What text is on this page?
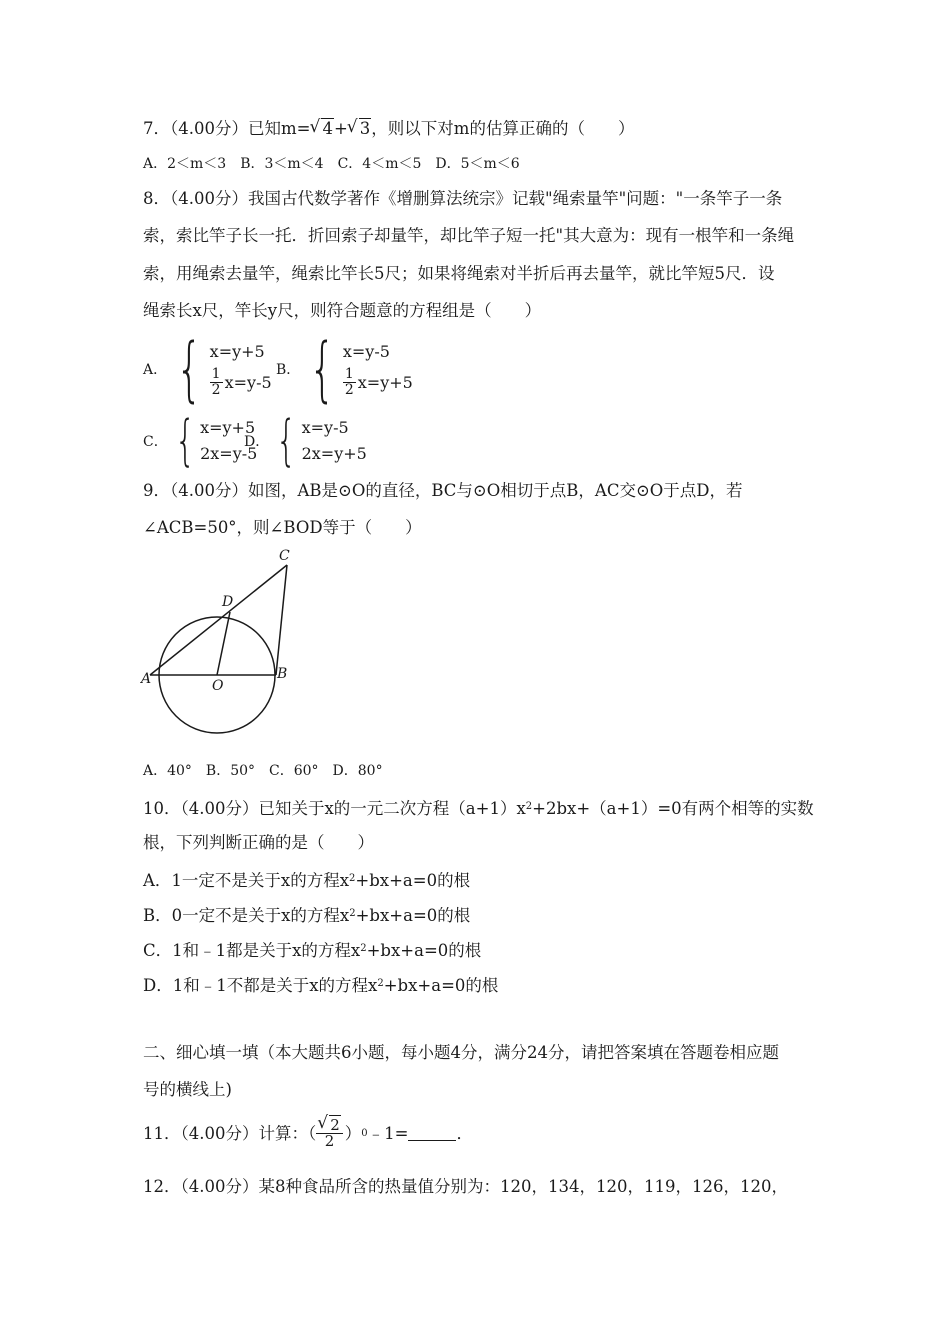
7．（4.00分）已知m= √ 4+ √ 3，则以下对m的估算正确的（　　）
A．2＜m＜3　B．3＜m＜4　C．4＜m＜5　D．5＜m＜6
8．（4.00分）我国古代数学著作《增删算法统宗》记载"绳索量竿"问题："一条竿子一条
索，索比竿子长一托．折回索子却量竿，却比竿子短一托"其大意为：现有一根竿和一条绳
索，用绳索去量竿，绳索比竿长5尺；如果将绳索对半折后再去量竿，就比竿短5尺．设
绳索长x尺，竿长y尺，则符合题意的方程组是（　　）
A． { x=y+5
$\frac{1}{2} x=y-5$
B． { x=y-5
$\frac{1}{2} x=y+5$
C． { x=y+5
2x=y-5
D． { x=y-5
2x=y+5
9．（4.00分）如图，AB是⊙O的直径，BC与⊙O相切于点B，AC交⊙O于点D，若
∠ACB=50°，则∠BOD等于（　　）
C
D
A	O
B
A．40°　B．50°　C．60°　D．80°
10．（4.00分）已知关于x的一元二次方程$(a+1)x^2+2bx+(a+1)=0$有两个相等的实数
根，下列判断正确的是（　　）
A．1一定不是关于x的方程$x^2+bx+a=0$的根
B．0一定不是关于x的方程$x^2+bx+a=0$的根
C．1和﹣1都是关于x的方程$x^2+bx+a=0$的根
D．1和﹣1不都是关于x的方程$x^2+bx+a=0$的根
二、细心填一填（本大题共6小题，每小题4分，满分24分，请把答案填在答题卷相应题
号的横线上)
11．（4.00分）计算：（ √ $\frac{2}{2}$ ） 0 ﹣1=	．
12．（4.00分）某8种食品所含的热量值分别为：120，134，120，119，126，120，
